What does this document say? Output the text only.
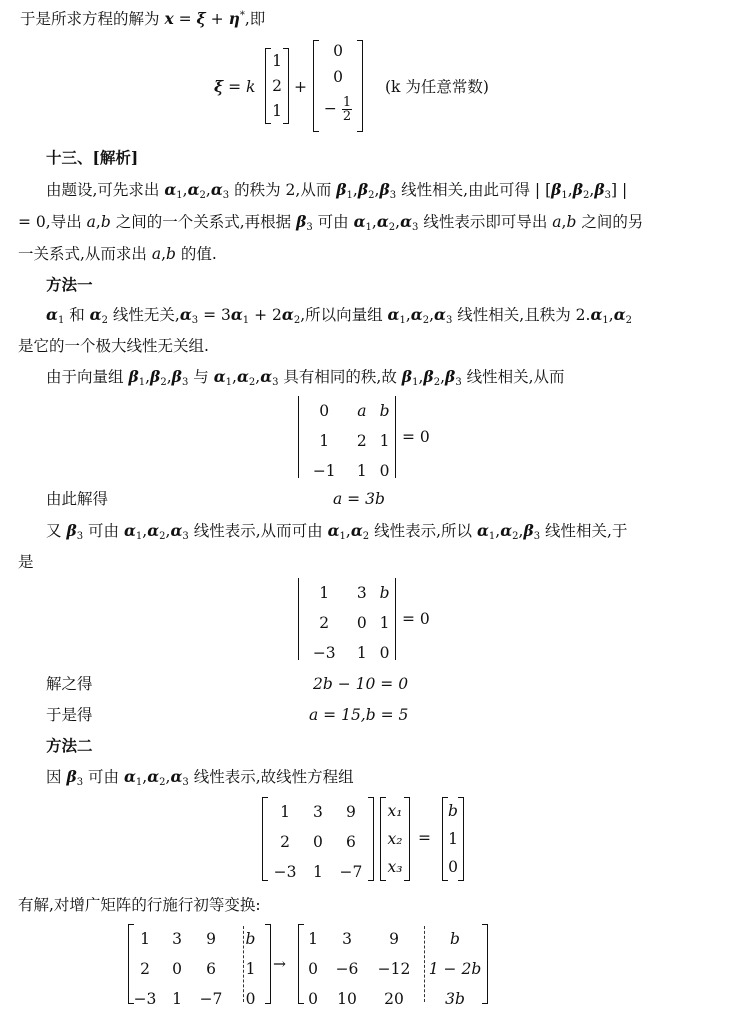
于是所求方程的解为 x = ξ + η*,即
ξ = k
1
2
1
+
0
0
− $\frac{1}{2}$
(k 为任意常数)
十三、[解析]
由题设,可先求出 $\alpha_1,\alpha_2,\alpha_3$ 的秩为 2,从而 $\beta_1,\beta_2,\beta_3$ 线性相关,由此可得 | $[\beta_1,\beta_2,\beta_3]$ |
= 0,导出 a,b 之间的一个关系式,再根据 $\beta_3$ 可由 $\alpha_1,\alpha_2,\alpha_3$ 线性表示即可导出 a,b 之间的另
一关系式,从而求出 a,b 的值.
方法一
$\alpha_1$ 和 $\alpha_2$ 线性无关$,\alpha_3 = 3\alpha_1 + 2\alpha_2$,所以向量组 $\alpha_1,\alpha_2,\alpha_3$ 线性相关,且秩为 $2.\alpha_1,\alpha_2$
是它的一个极大线性无关组.
由于向量组 $\beta_1,\beta_2,\beta_3$ 与 $\alpha_1,\alpha_2,\alpha_3$ 具有相同的秩,故 $\beta_1,\beta_2,\beta_3$ 线性相关,从而
0	a	b
1	2	1
−1	1	0
= 0
由此解得	a = 3b
又 $\beta_3$ 可由 $\alpha_1,\alpha_2,\alpha_3$ 线性表示,从而可由 $\alpha_1,\alpha_2$ 线性表示,所以 $\alpha_1,\alpha_2,\beta_3$ 线性相关,于
是
1	3	b
2	0	1
−3	1	0
= 0
解之得	2b − 10 = 0
于是得	a = 15,b = 5
方法二
因 $\beta_3$ 可由 $\alpha_1,\alpha_2,\alpha_3$ 线性表示,故线性方程组
1	3	9
2	0	6
−3	1	−7
x₁
x₂
x₃
=
b
1
0
有解,对增广矩阵的行施行初等变换:
1	3	9	b
2	0	6	1
−3	1	−7	0
→
1	3	9	b
0	−6	−12	1 − 2b
0	10	20	3b
